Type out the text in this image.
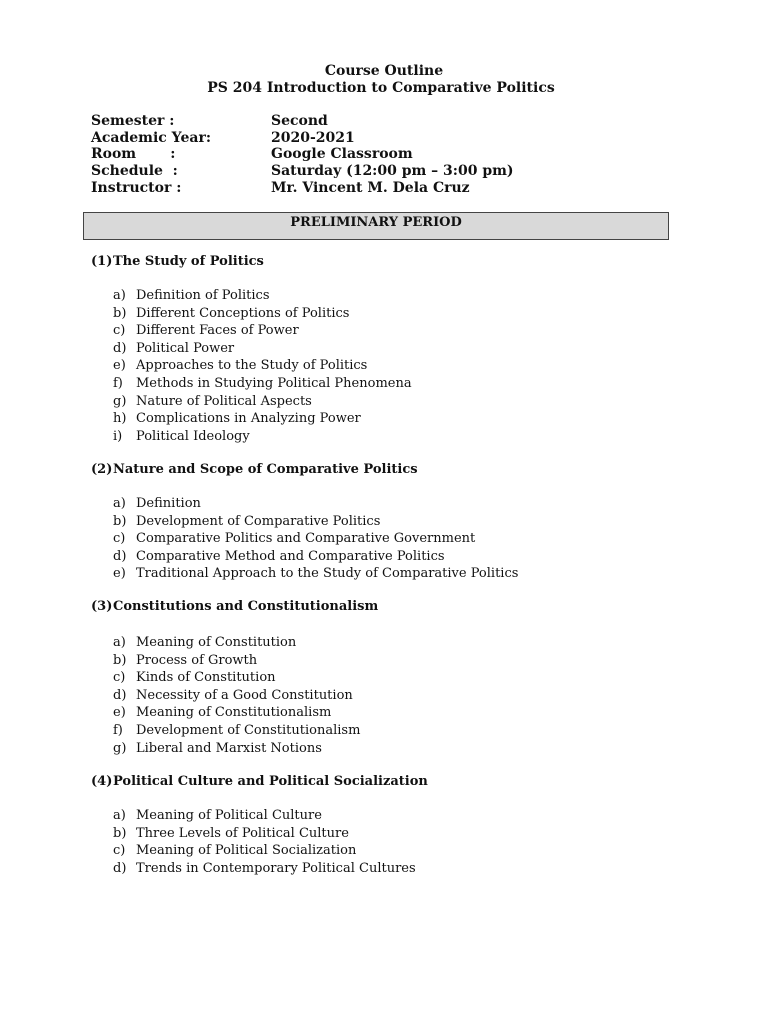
Course Outline
PS 204 Introduction to Comparative Politics
Semester :	Second
Academic Year:	2020-2021
Room       :	Google Classroom
Schedule  :	Saturday (12:00 pm – 3:00 pm)
Instructor :	Mr. Vincent M. Dela Cruz
PRELIMINARY PERIOD
(1)The Study of Politics
a) Definition of Politics
b) Different Conceptions of Politics
c) Different Faces of Power
d) Political Power
e) Approaches to the Study of Politics
f) Methods in Studying Political Phenomena
g) Nature of Political Aspects
h) Complications in Analyzing Power
i) Political Ideology
(2)Nature and Scope of Comparative Politics
a) Definition
b) Development of Comparative Politics
c) Comparative Politics and Comparative Government
d) Comparative Method and Comparative Politics
e) Traditional Approach to the Study of Comparative Politics
(3)Constitutions and Constitutionalism
a) Meaning of Constitution
b) Process of Growth
c) Kinds of Constitution
d) Necessity of a Good Constitution
e) Meaning of Constitutionalism
f) Development of Constitutionalism
g) Liberal and Marxist Notions
(4)Political Culture and Political Socialization
a) Meaning of Political Culture
b) Three Levels of Political Culture
c) Meaning of Political Socialization
d) Trends in Contemporary Political Cultures
